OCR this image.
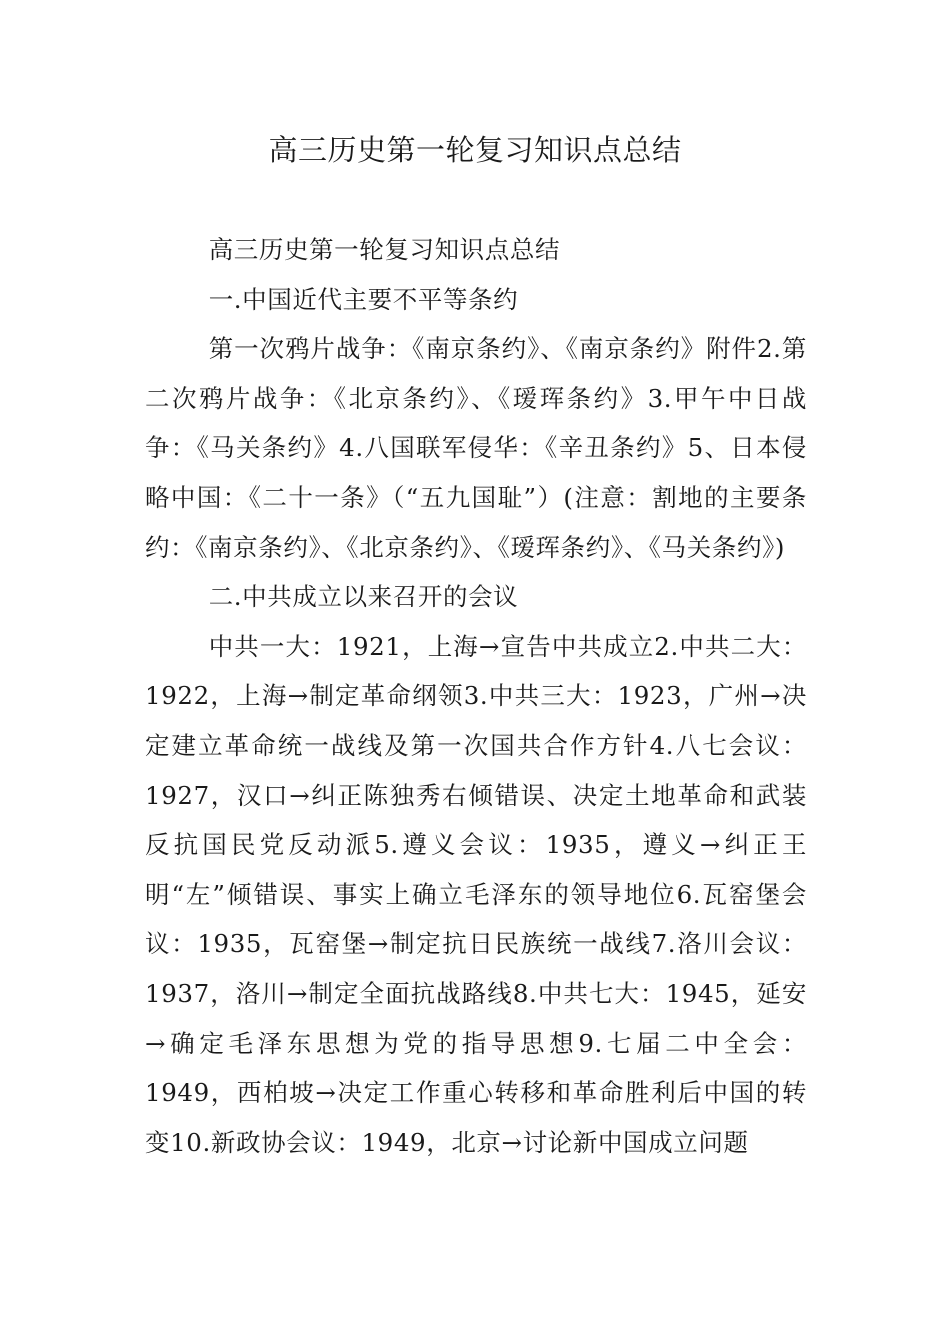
高三历史第一轮复习知识点总结

高三历史第一轮复习知识点总结

一.中国近代主要不平等条约

第一次鸦片战争：《南京条约》、《南京条约》附件2.第二次鸦片战争：《北京条约》、《瑷珲条约》3.甲午中日战争：《马关条约》4.八国联军侵华：《辛丑条约》5、日本侵略中国：《二十一条》（“五九国耻”）(注意：割地的主要条约：《南京条约》、《北京条约》、《瑷珲条约》、《马关条约》)

二.中共成立以来召开的会议

中共一大：1921，上海→宣告中共成立2.中共二大：1922，上海→制定革命纲领3.中共三大：1923，广州→决定建立革命统一战线及第一次国共合作方针4.八七会议：1927，汉口→纠正陈独秀右倾错误、决定土地革命和武装反抗国民党反动派5.遵义会议：1935，遵义→纠正王明“左”倾错误、事实上确立毛泽东的领导地位6.瓦窑堡会议：1935，瓦窑堡→制定抗日民族统一战线7.洛川会议：1937，洛川→制定全面抗战路线8.中共七大：1945，延安→确定毛泽东思想为党的指导思想9.七届二中全会：1949，西柏坡→决定工作重心转移和革命胜利后中国的转变10.新政协会议：1949，北京→讨论新中国成立问题
